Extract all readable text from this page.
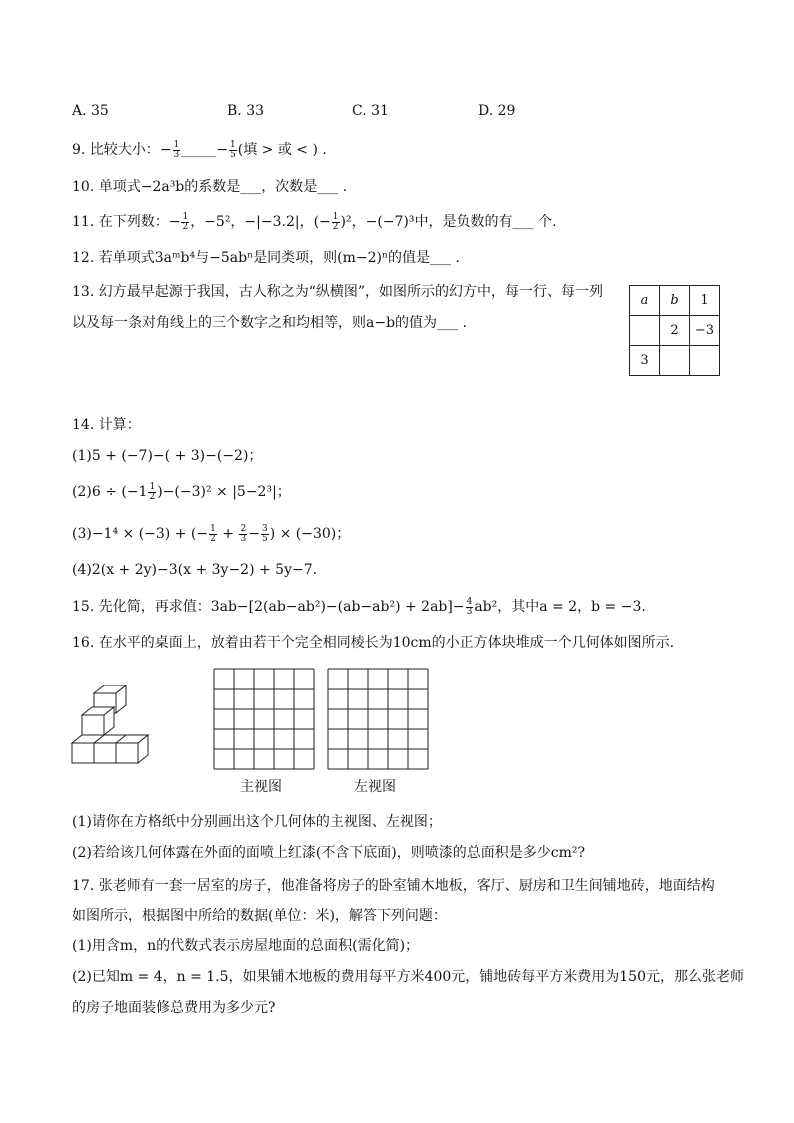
A. 35	B. 33	C. 31	D. 29
9. 比较大小：− $\frac{1}{3}$ _____− $\frac{1}{5}$ (填 > 或 < ) .
10. 单项式−2a³b的系数是___，次数是___ .
11. 在下列数：− $\frac{1}{2}$ ，−5²，−|−3.2|，(− $\frac{1}{2} )^2$，−(−7)³中，是负数的有___ 个.
12. 若单项式3aᵐb⁴与−5abⁿ是同类项，则(m−2)ⁿ的值是___ .
13. 幻方最早起源于我国，古人称之为“纵横图”，如图所示的幻方中，每一行、每一列
以及每一条对角线上的三个数字之和均相等，则a−b的值为___ .
a	b	1
	2	−3
3		
14. 计算：
(1)5 + (−7)−( + 3)−(−2)；
$(2)6 \div (-1 \frac{1}{2} )-(-3)^2 \times |5-2^3|$；
(3)−1⁴ × (−3) + (− $\frac{1}{2} + \frac{2}{3} - \frac{3}{5}$ ) × (−30)；
(4)2(x + 2y)−3(x + 3y−2) + 5y−7.
15. 先化简，再求值：$3ab-[2(ab-ab^2)-(ab-ab^2) + 2ab]- \frac{4}{3} ab^2$，其中a = 2，b = −3.
16. 在水平的桌面上，放着由若干个完全相同棱长为10cm的小正方体块堆成一个几何体如图所示.
主视图	左视图
(1)请你在方格纸中分别画出这个几何体的主视图、左视图；
(2)若给该几何体露在外面的面喷上红漆(不含下底面)，则喷漆的总面积是多少cm²?
17. 张老师有一套一居室的房子，他准备将房子的卧室铺木地板，客厅、厨房和卫生间铺地砖，地面结构
如图所示，根据图中所给的数据(单位：米)，解答下列问题：
(1)用含m，n的代数式表示房屋地面的总面积(需化简)；
(2)已知m = 4，n = 1.5，如果铺木地板的费用每平方米400元，铺地砖每平方米费用为150元，那么张老师
的房子地面装修总费用为多少元?
